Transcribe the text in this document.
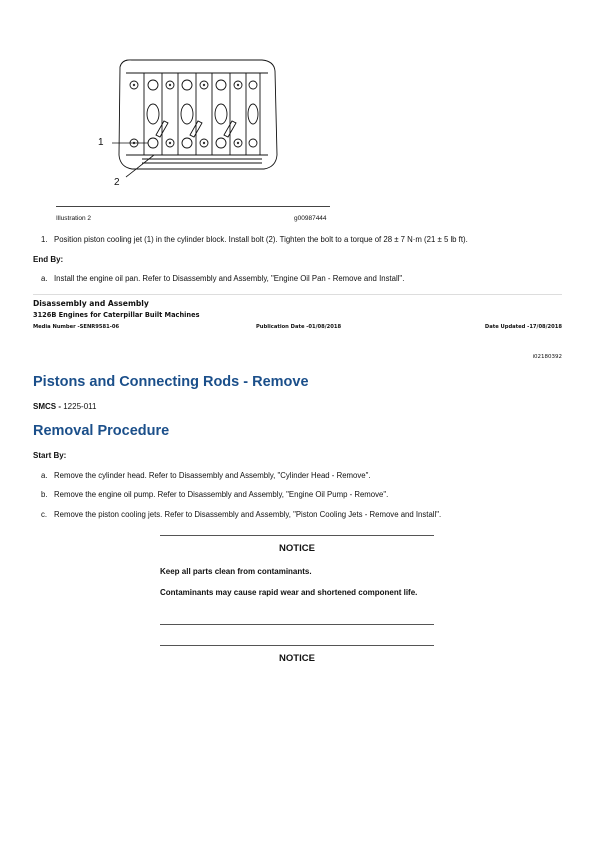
1
2
Illustration 2	g00987444
1. Position piston cooling jet (1) in the cylinder block. Install bolt (2). Tighten the bolt to a torque of 28 ± 7 N·m (21 ± 5 lb ft).
End By:
a. Install the engine oil pan. Refer to Disassembly and Assembly, "Engine Oil Pan - Remove and Install".
Disassembly and Assembly
3126B Engines for Caterpillar Built Machines
Media Number -SENR9581-06	Publication Date -01/08/2018	Date Updated -17/08/2018
i02180392
Pistons and Connecting Rods - Remove
SMCS - 1225-011
Removal Procedure
Start By:
a. Remove the cylinder head. Refer to Disassembly and Assembly, "Cylinder Head - Remove".
b. Remove the engine oil pump. Refer to Disassembly and Assembly, "Engine Oil Pump - Remove".
c. Remove the piston cooling jets. Refer to Disassembly and Assembly, "Piston Cooling Jets - Remove and Install".
NOTICE
Keep all parts clean from contaminants.
Contaminants may cause rapid wear and shortened component life.
NOTICE
